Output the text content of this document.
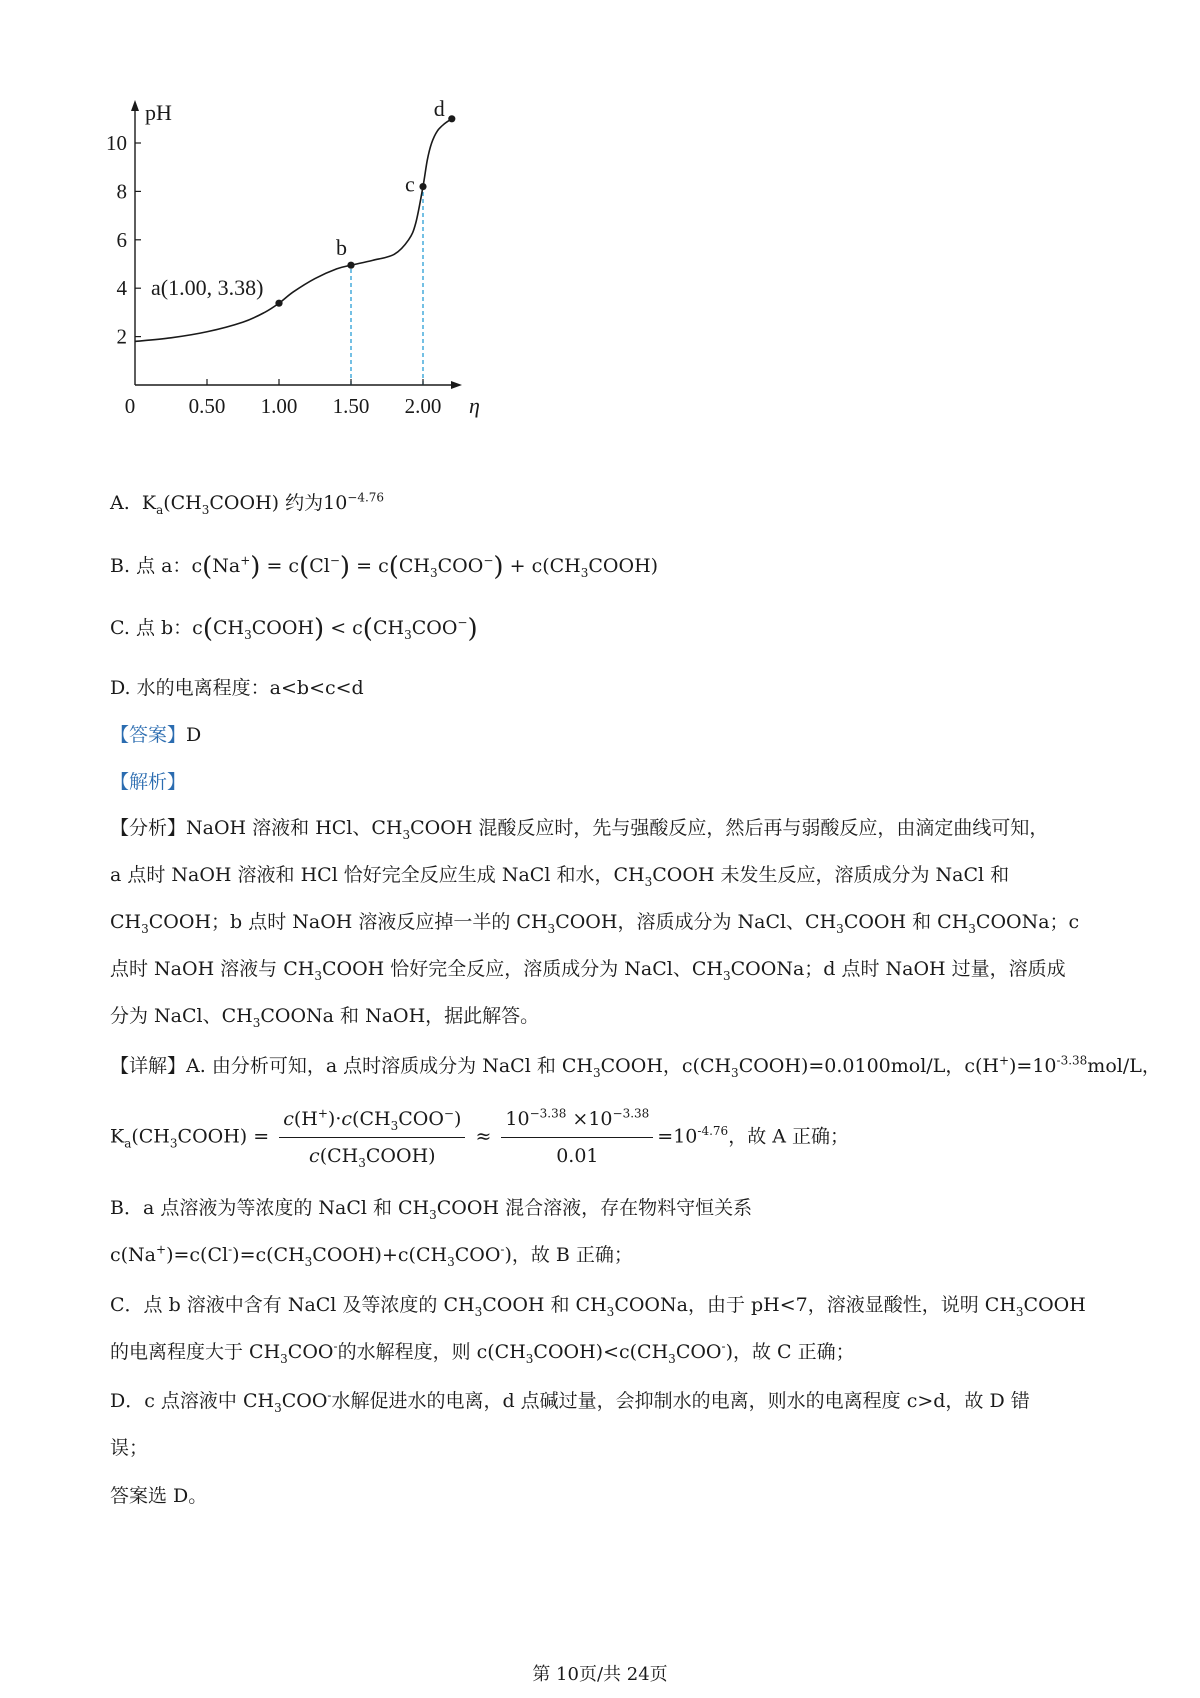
pH
η
a(1.00, 3.38)
b
c
d
2
4
6
8
10
0	0.50 1.00 1.50 2.00
A. $K_a(CH_3COOH)$ 约为$10^{-4.76}$
B. 点 a：$c(Na^+) = c(Cl^-) = c(CH_3COO^-)$ + $c(CH_3COOH)$
C. 点 b：$c(CH_3COOH) < c(CH_3COO^-)$
D. 水的电离程度：a<b<c<d
【答案】D
【解析】
【分析】NaOH 溶液和 HCl、$CH_3COOH$ 混酸反应时，先与强酸反应，然后再与弱酸反应，由滴定曲线可知，
a 点时 NaOH 溶液和 HCl 恰好完全反应生成 NaCl 和水，$CH_3COOH$ 未发生反应，溶质成分为 NaCl 和
$CH_3COOH$；b 点时 NaOH 溶液反应掉一半的 $CH_3COOH$，溶质成分为 NaCl、$CH_3COOH$ 和 $CH_3COONa$；c
点时 NaOH 溶液与 $CH_3COOH$ 恰好完全反应，溶质成分为 NaCl、$CH_3COONa$；d 点时 NaOH 过量，溶质成
分为 NaCl、$CH_3COONa$ 和 NaOH，据此解答。
【详解】A. 由分析可知，a 点时溶质成分为 NaCl 和 $CH_3COOH$，$c(CH_3COOH)=0.0100mol/L$，$c(H^+)=10^{-3.38}mol/L$，
$K_a(CH_3COOH) = \frac{c(H^+)\cdot c(CH_3COO^-)}{c(CH_3COOH)} \approx \frac{10^{-3.38} \times 10^{-3.38}}{0.01} =10^{-4.76}$，故 A 正确；
B．a 点溶液为等浓度的 NaCl 和 $CH_3COOH$ 混合溶液，存在物料守恒关系
$c(Na^+)=c(Cl^-)=c(CH_3COOH)+c(CH_3COO^-)$，故 B 正确；
C．点 b 溶液中含有 NaCl 及等浓度的 $CH_3COOH$ 和 $CH_3COONa$，由于 pH<7，溶液显酸性，说明 $CH_3COOH$
的电离程度大于 $CH_3COO^-$的水解程度，则 $c(CH_3COOH)<c(CH_3COO^-)$，故 C 正确；
D．c 点溶液中 $CH_3COO^-$水解促进水的电离，d 点碱过量，会抑制水的电离，则水的电离程度 c>d，故 D 错
误；
答案选 D。
第 10页/共 24页
